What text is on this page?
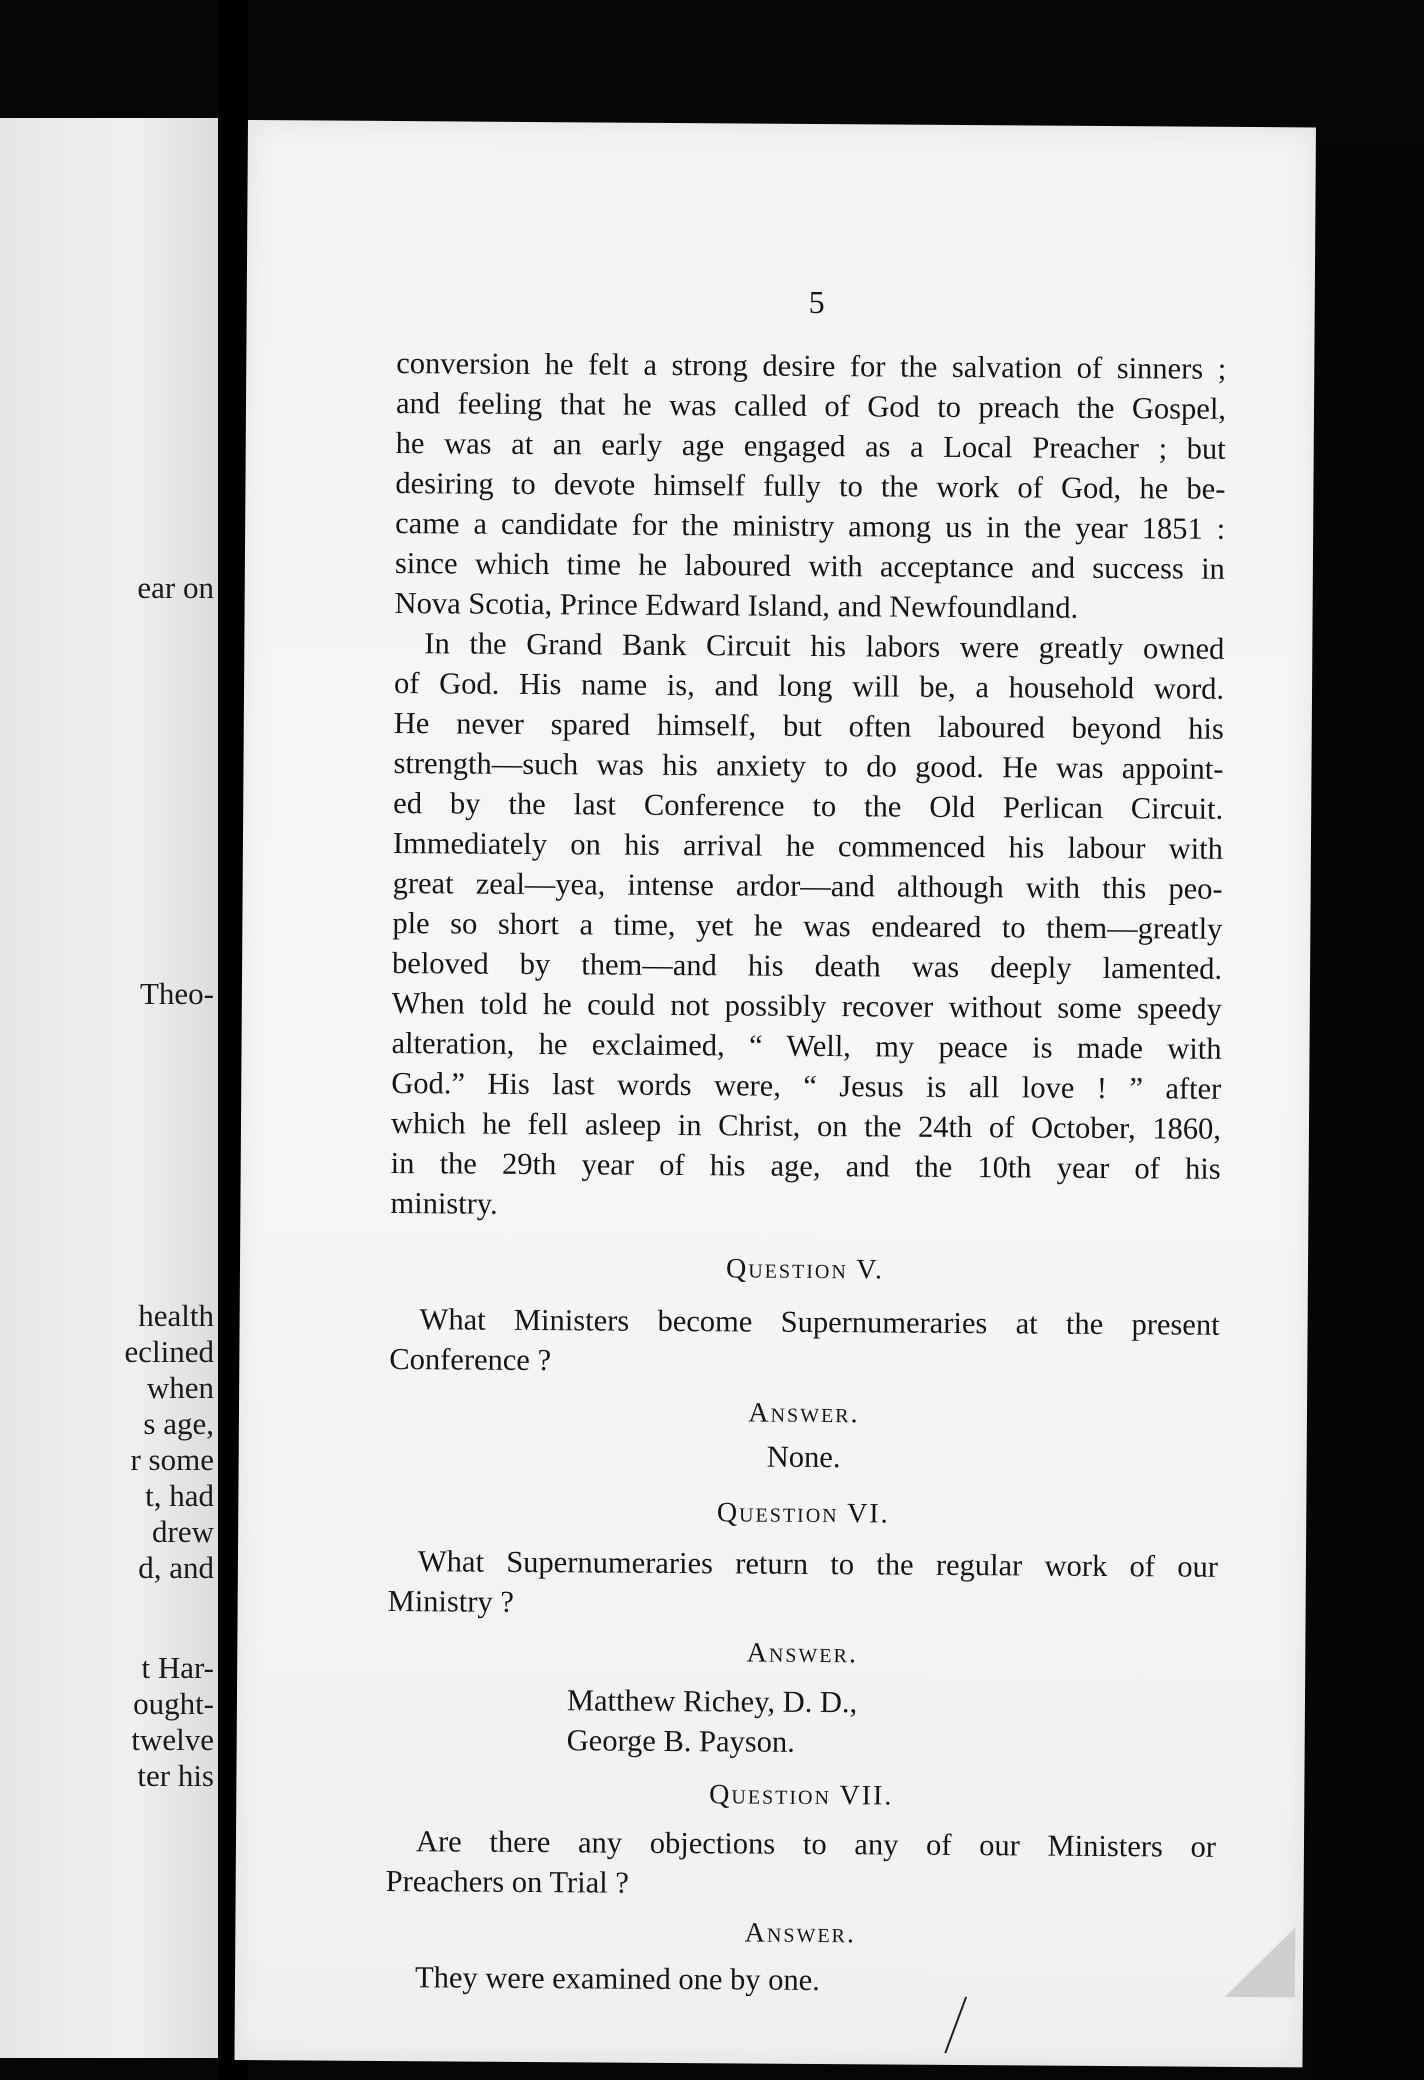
ear on
Theo-
health
eclined
when
s age,
r some
t, had
drew
d, and
t Har-
ought-
twelve
ter his
5
conversion he felt a strong desire for the salvation of sinners ;
and feeling that he was called of God to preach the Gospel,
he was at an early age engaged as a Local Preacher ; but
desiring to devote himself fully to the work of God, he be-
came a candidate for the ministry among us in the year 1851 :
since which time he laboured with acceptance and success in
Nova Scotia, Prince Edward Island, and Newfoundland.
In the Grand Bank Circuit his labors were greatly owned
of God. His name is, and long will be, a household word.
He never spared himself, but often laboured beyond his
strength—such was his anxiety to do good. He was appoint-
ed by the last Conference to the Old Perlican Circuit.
Immediately on his arrival he commenced his labour with
great zeal—yea, intense ardor—and although with this peo-
ple so short a time, yet he was endeared to them—greatly
beloved by them—and his death was deeply lamented.
When told he could not possibly recover without some speedy
alteration, he exclaimed, “ Well, my peace is made with
God.” His last words were, “ Jesus is all love ! ” after
which he fell asleep in Christ, on the 24th of October, 1860,
in the 29th year of his age, and the 10th year of his
ministry.
Question V.
What Ministers become Supernumeraries at the present
Conference ?
Answer.
None.
Question VI.
What Supernumeraries return to the regular work of our
Ministry ?
Answer.
Matthew Richey, D. D.,
George B. Payson.
Question VII.
Are there any objections to any of our Ministers or
Preachers on Trial ?
Answer.
They were examined one by one.
